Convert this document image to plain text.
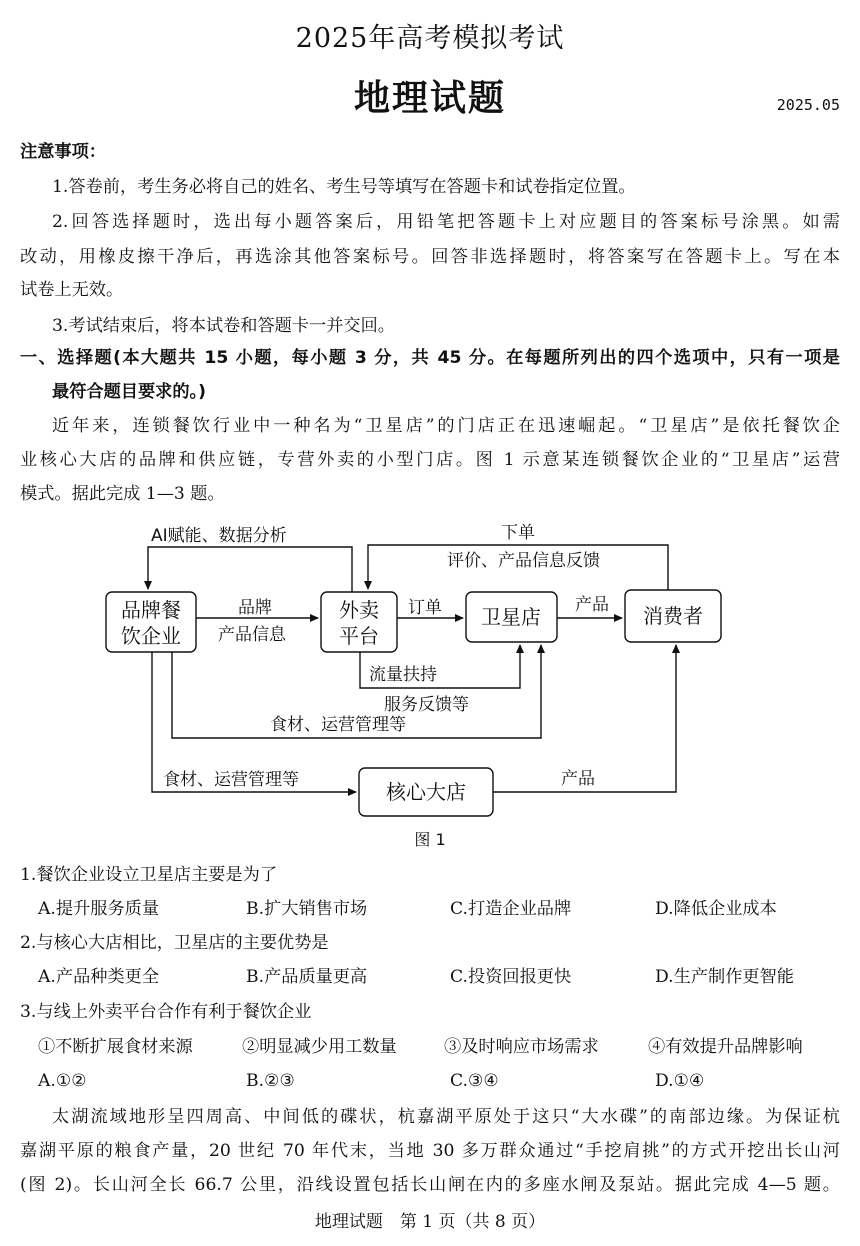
2025年高考模拟考试
地理试题	2025.05
注意事项：
1.答卷前，考生务必将自己的姓名、考生号等填写在答题卡和试卷指定位置。
2.回答选择题时，选出每小题答案后，用铅笔把答题卡上对应题目的答案标号涂黑。如需
改动，用橡皮擦干净后，再选涂其他答案标号。回答非选择题时，将答案写在答题卡上。写在本
试卷上无效。
3.考试结束后，将本试卷和答题卡一并交回。
一、选择题(本大题共 15 小题，每小题 3 分，共 45 分。在每题所列出的四个选项中，只有一项是
最符合题目要求的。)
近年来，连锁餐饮行业中一种名为“卫星店”的门店正在迅速崛起。“卫星店”是依托餐饮企
业核心大店的品牌和供应链，专营外卖的小型门店。图 1 示意某连锁餐饮企业的“卫星店”运营
模式。据此完成 1—3 题。
AI赋能、数据分析	下单
评价、产品信息反馈
品牌
产品信息
订单	产品
流量扶持
服务反馈等
食材、运营管理等
食材、运营管理等	产品
品牌餐
饮企业
外卖
平台
卫星店	消费者
核心大店
图 1
1.餐饮企业设立卫星店主要是为了
A.提升服务质量	B.扩大销售市场	C.打造企业品牌	D.降低企业成本
2.与核心大店相比，卫星店的主要优势是
A.产品种类更全	B.产品质量更高	C.投资回报更快	D.生产制作更智能
3.与线上外卖平台合作有利于餐饮企业
①不断扩展食材来源	②明显减少用工数量	③及时响应市场需求	④有效提升品牌影响
A.①②	B.②③	C.③④	D.①④
太湖流域地形呈四周高、中间低的碟状，杭嘉湖平原处于这只“大水碟”的南部边缘。为保证杭
嘉湖平原的粮食产量，20 世纪 70 年代末，当地 30 多万群众通过“手挖肩挑”的方式开挖出长山河
(图 2)。长山河全长 66.7 公里，沿线设置包括长山闸在内的多座水闸及泵站。据此完成 4—5 题。
地理试题　第 1 页（共 8 页）
